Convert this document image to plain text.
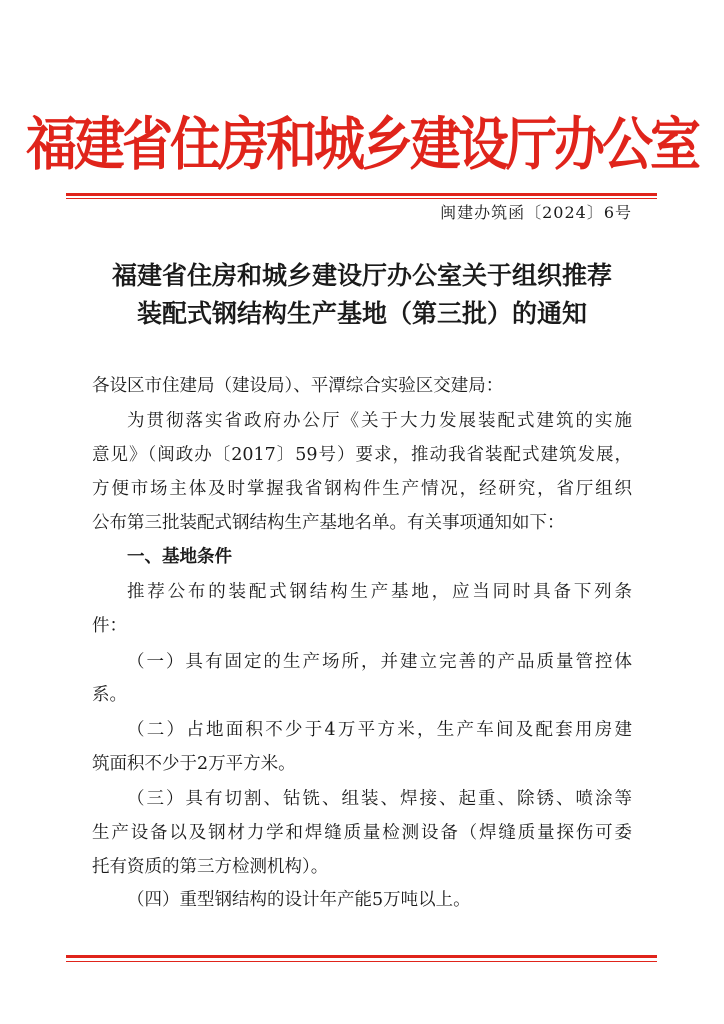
福建省住房和城乡建设厅办公室
闽建办筑函〔2024〕6号
福建省住房和城乡建设厅办公室关于组织推荐
装配式钢结构生产基地（第三批）的通知
各设区市住建局（建设局）、平潭综合实验区交建局：
为贯彻落实省政府办公厅《关于大力发展装配式建筑的实施
意见》（闽政办〔2017〕59号）要求，推动我省装配式建筑发展，
方便市场主体及时掌握我省钢构件生产情况，经研究，省厅组织
公布第三批装配式钢结构生产基地名单。有关事项通知如下：
一、基地条件
推荐公布的装配式钢结构生产基地，应当同时具备下列条
件：
（一）具有固定的生产场所，并建立完善的产品质量管控体
系。
（二）占地面积不少于4万平方米，生产车间及配套用房建
筑面积不少于2万平方米。
（三）具有切割、钻铣、组装、焊接、起重、除锈、喷涂等
生产设备以及钢材力学和焊缝质量检测设备（焊缝质量探伤可委
托有资质的第三方检测机构）。
（四）重型钢结构的设计年产能5万吨以上。
